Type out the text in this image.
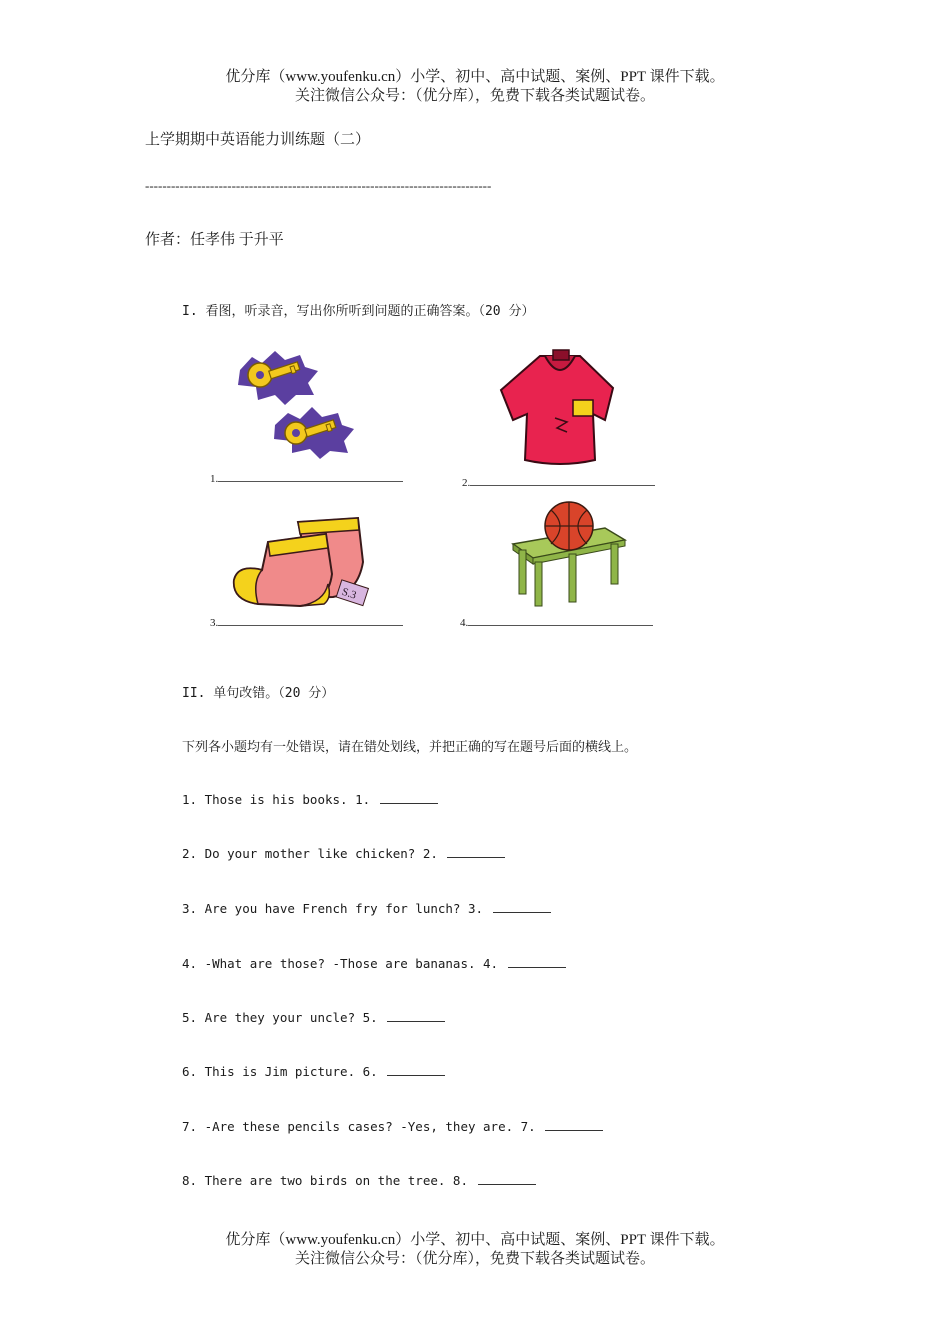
优分库（www.youfenku.cn）小学、初中、高中试题、案例、PPT 课件下载。
关注微信公众号：（优分库），免费下载各类试题试卷。
上学期期中英语能力训练题（二）
--------------------------------------------------------------------------------
作者：任孝伟 于升平
I. 看图，听录音，写出你所听到问题的正确答案。（20 分）
1.	2.
S.3
3.	4.
II. 单句改错。（20 分）
下列各小题均有一处错误，请在错处划线，并把正确的写在题号后面的横线上。
1. Those is his books. 1.
2. Do your mother like chicken? 2.
3. Are you have French fry for lunch? 3.
4. -What are those? -Those are bananas. 4.
5. Are they your uncle? 5.
6. This is Jim picture. 6.
7. -Are these pencils cases? -Yes, they are. 7.
8. There are two birds on the tree. 8.
优分库（www.youfenku.cn）小学、初中、高中试题、案例、PPT 课件下载。
关注微信公众号：（优分库），免费下载各类试题试卷。
